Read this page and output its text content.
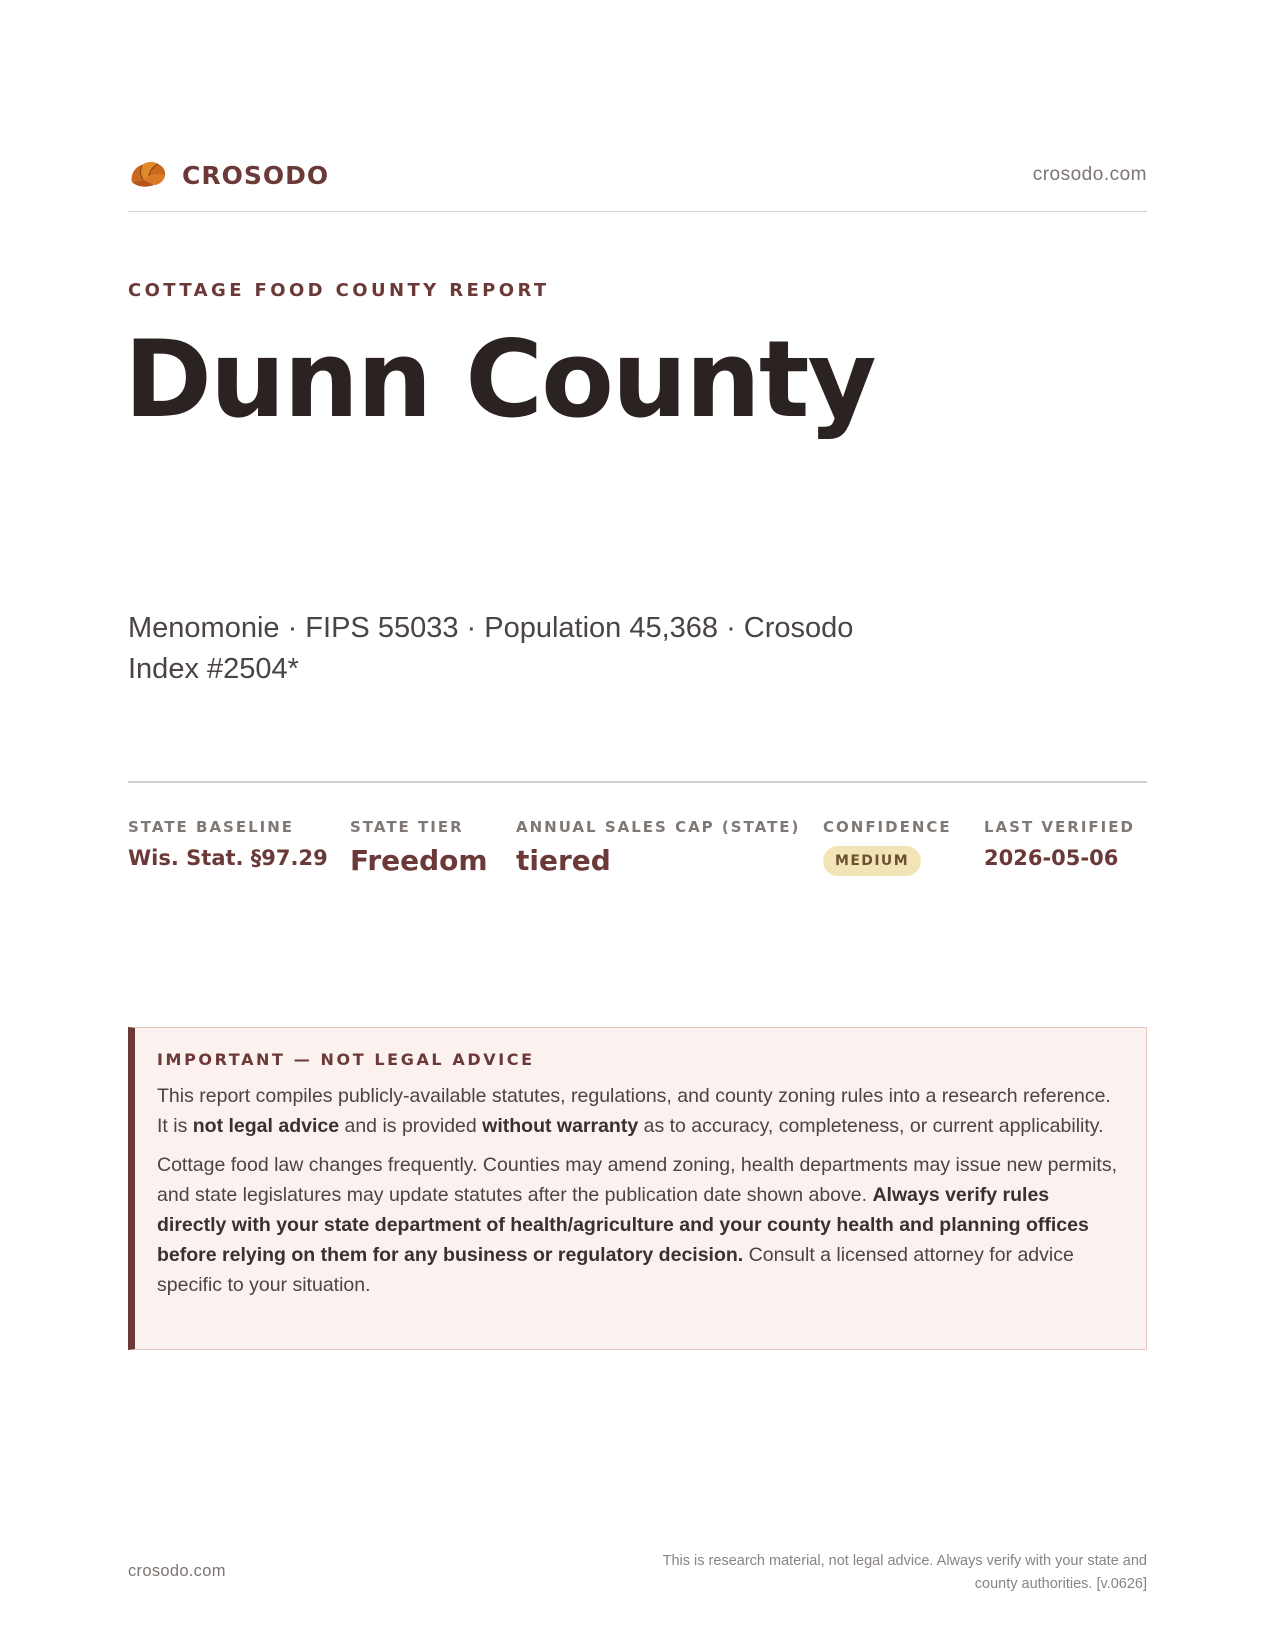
CROSODO	crosodo.com
COTTAGE FOOD COUNTY REPORT
Dunn County
Menomonie · FIPS 55033 · Population 45,368 · Crosodo Index #2504*
STATE BASELINE
Wis. Stat. §97.29
STATE TIER
Freedom
ANNUAL SALES CAP (STATE)
tiered
CONFIDENCE
MEDIUM
LAST VERIFIED
2026-05-06
IMPORTANT — NOT LEGAL ADVICE

This report compiles publicly-available statutes, regulations, and county zoning rules into a research reference. It is not legal advice and is provided without warranty as to accuracy, completeness, or current applicability.

Cottage food law changes frequently. Counties may amend zoning, health departments may issue new permits, and state legislatures may update statutes after the publication date shown above. Always verify rules directly with your state department of health/agriculture and your county health and planning offices before relying on them for any business or regulatory decision. Consult a licensed attorney for advice specific to your situation.

crosodo.com
This is research material, not legal advice. Always verify with your state and county authorities. [v.0626]
